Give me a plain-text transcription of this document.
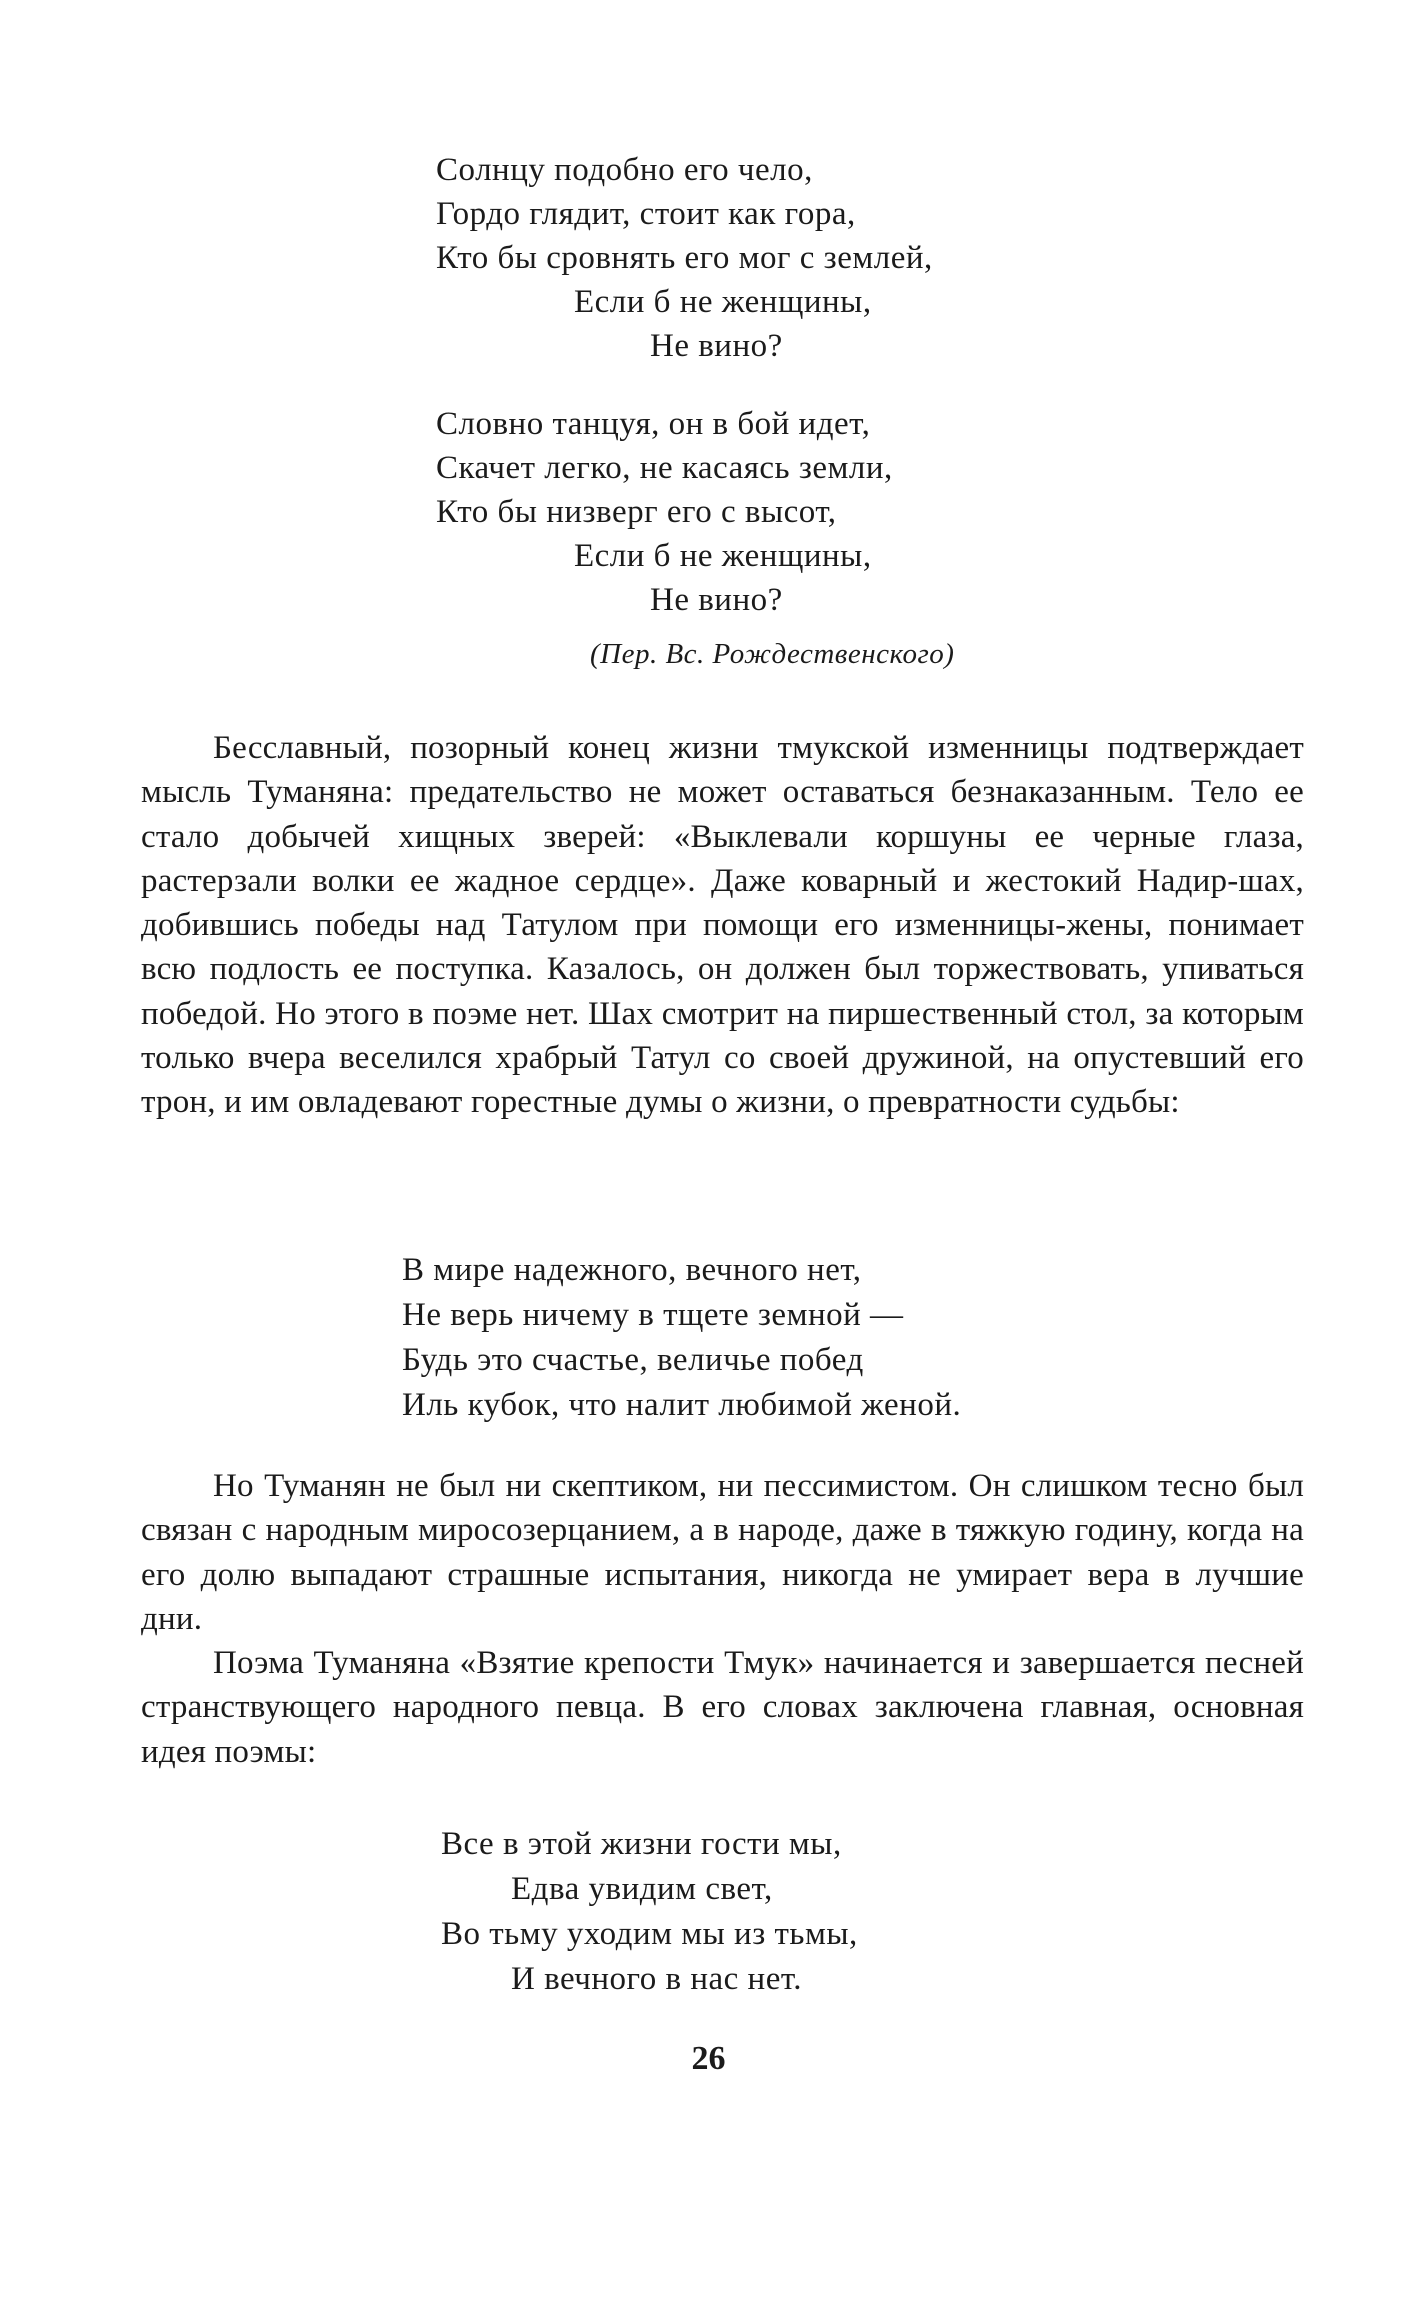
Солнцу подобно его чело,
Гордо глядит, стоит как гора,
Кто бы сровнять его мог с землей,
Если б не женщины,
Не вино?
Словно танцуя, он в бой идет,
Скачет легко, не касаясь земли,
Кто бы низверг его с высот,
Если б не женщины,
Не вино?
(Пер. Вс. Рождественского)

Бесславный, позорный конец жизни тмукской изменницы подтверждает мысль Туманяна: предательство не может оставаться безнаказанным. Тело ее стало добычей хищных зверей: «Выклевали коршуны ее черные глаза, растерзали волки ее жадное сердце». Даже коварный и жестокий Надир-шах, добившись победы над Татулом при помощи его изменницы-жены, понимает всю подлость ее поступка. Казалось, он должен был торжествовать, упиваться победой. Но этого в поэме нет. Шах смотрит на пиршественный стол, за которым только вчера веселился храбрый Татул со своей дружиной, на опустевший его трон, и им овладевают горестные думы о жизни, о превратности судьбы:

В мире надежного, вечного нет,
Не верь ничему в тщете земной —
Будь это счастье, величье побед
Иль кубок, что налит любимой женой.

Но Туманян не был ни скептиком, ни пессимистом. Он слишком тесно был связан с народным миросозерцанием, а в народе, даже в тяжкую годину, когда на его долю выпадают страшные испытания, никогда не умирает вера в лучшие дни.

Поэма Туманяна «Взятие крепости Тмук» начинается и завершается песней странствующего народного певца. В его словах заключена главная, основная идея поэмы:

Все в этой жизни гости мы,
Едва увидим свет,
Во тьму уходим мы из тьмы,
И вечного в нас нет.
26
